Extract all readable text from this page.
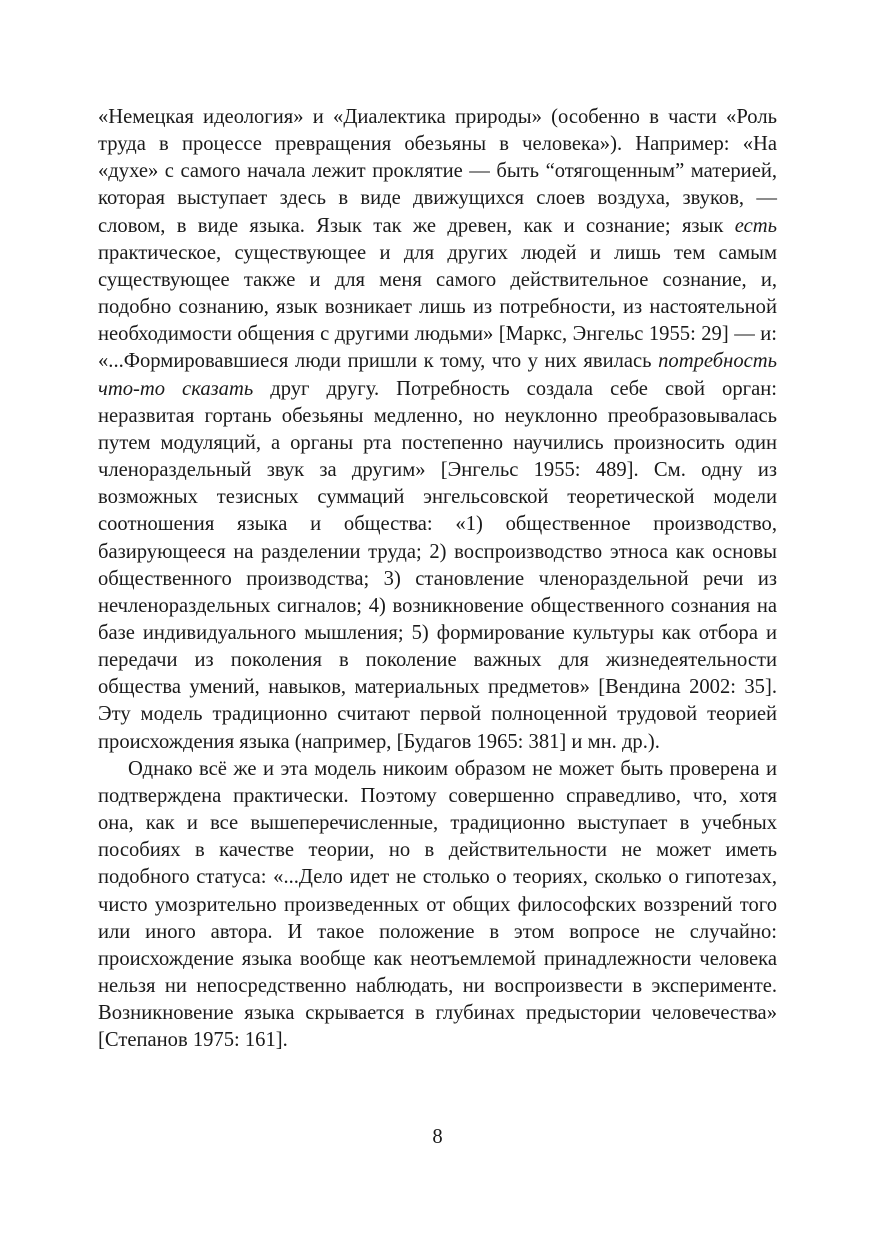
«Немецкая идеология» и «Диалектика природы» (особенно в части «Роль труда в процессе превращения обезьяны в человека»). Например: «На «духе» с самого начала лежит проклятие — быть “отягощенным” материей, которая выступает здесь в виде движущихся слоев воздуха, звуков, — словом, в виде языка. Язык так же древен, как и сознание; язык есть практическое, существующее и для других людей и лишь тем самым существующее также и для меня самого действительное сознание, и, подобно сознанию, язык возникает лишь из потребности, из настоятельной необходимости общения с другими людьми» [Маркс, Энгельс 1955: 29] — и: «...Формировавшиеся люди пришли к тому, что у них явилась потребность что-то сказать друг другу. Потребность создала себе свой орган: неразвитая гортань обезьяны медленно, но неуклонно преобразовывалась путем модуляций, а органы рта постепенно научились произносить один членораздельный звук за другим» [Энгельс 1955: 489]. См. одну из возможных тезисных суммаций энгельсовской теоретической модели соотношения языка и общества: «1) общественное производство, базирующееся на разделении труда; 2) воспроизводство этноса как основы общественного производства; 3) становление членораздельной речи из нечленораздельных сигналов; 4) возникновение общественного сознания на базе индивидуального мышления; 5) формирование культуры как отбора и передачи из поколения в поколение важных для жизнедеятельности общества умений, навыков, материальных предметов» [Вендина 2002: 35]. Эту модель традиционно считают первой полноценной трудовой теорией происхождения языка (например, [Будагов 1965: 381] и мн. др.).

Однако всё же и эта модель никоим образом не может быть проверена и подтверждена практически. Поэтому совершенно справедливо, что, хотя она, как и все вышеперечисленные, традиционно выступает в учебных пособиях в качестве теории, но в действительности не может иметь подобного статуса: «...Дело идет не столько о теориях, сколько о гипотезах, чисто умозрительно произведенных от общих философских воззрений того или иного автора. И такое положение в этом вопросе не случайно: происхождение языка вообще как неотъемлемой принадлежности человека нельзя ни непосредственно наблюдать, ни воспроизвести в эксперименте. Возникновение языка скрывается в глубинах предыстории человечества» [Степанов 1975: 161].

8
